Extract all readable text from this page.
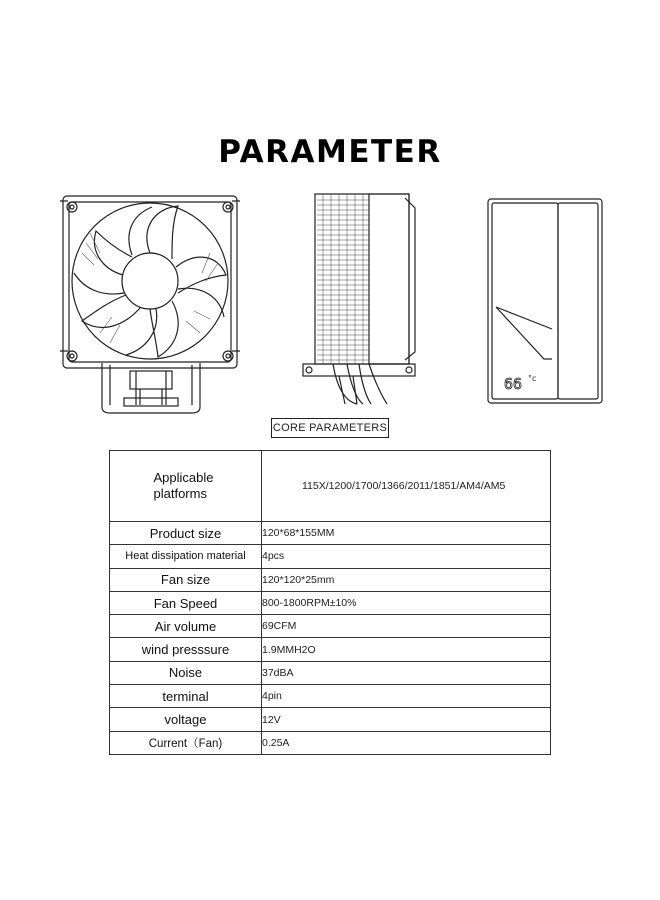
PARAMETER
66 °c
CORE PARAMETERS
Applicable platforms	115X/1200/1700/1366/2011/1851/AM4/AM5
Product size	120*68*155MM
Heat dissipation material	4pcs
Fan size	120*120*25mm
Fan Speed	800-1800RPM±10%
Air volume	69CFM
wind presssure	1.9MMH2O
Noise	37dBA
terminal	4pin
voltage	12V
Current（Fan)	0.25A
